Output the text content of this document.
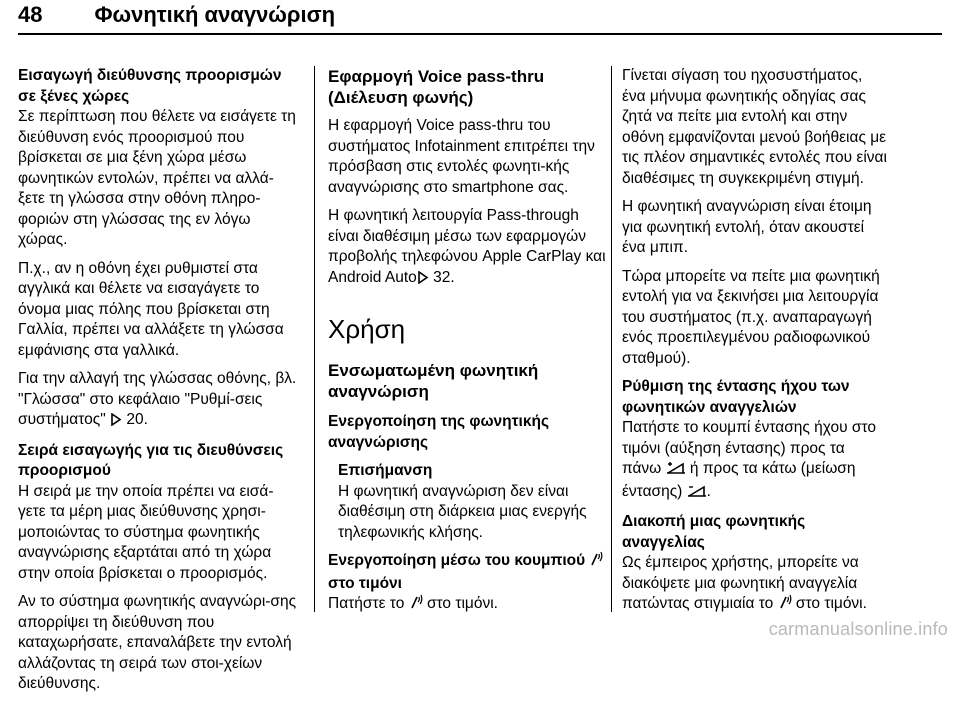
48 Φωνητική αναγνώριση

Εισαγωγή διεύθυνσης προορισμών σε ξένες χώρες

Σε περίπτωση που θέλετε να εισάγετε τη διεύθυνση ενός προορισμού που βρίσκεται σε μια ξένη χώρα μέσω φωνητικών εντολών, πρέπει να αλλά-ξετε τη γλώσσα στην οθόνη πληρο-φοριών στη γλώσσας της εν λόγω χώρας.

Π.χ., αν η οθόνη έχει ρυθμιστεί στα αγγλικά και θέλετε να εισαγάγετε το όνομα μιας πόλης που βρίσκεται στη Γαλλία, πρέπει να αλλάξετε τη γλώσσα εμφάνισης στα γαλλικά.

Για την αλλαγή της γλώσσας οθόνης, βλ. "Γλώσσα" στο κεφάλαιο "Ρυθμί-σεις συστήματος" 20.

Σειρά εισαγωγής για τις διευθύνσεις προορισμού

Η σειρά με την οποία πρέπει να εισά-γετε τα μέρη μιας διεύθυνσης χρησι-μοποιώντας το σύστημα φωνητικής αναγνώρισης εξαρτάται από τη χώρα στην οποία βρίσκεται ο προορισμός.

Αν το σύστημα φωνητικής αναγνώρι-σης απορρίψει τη διεύθυνση που καταχωρήσατε, επαναλάβετε την εντολή αλλάζοντας τη σειρά των στοι-χείων διεύθυνσης.

Εφαρμογή Voice pass-thru (Διέλευση φωνής)

Η εφαρμογή Voice pass-thru του συστήματος Infotainment επιτρέπει την πρόσβαση στις εντολές φωνητι-κής αναγνώρισης στο smartphone σας.

Η φωνητική λειτουργία Pass-through είναι διαθέσιμη μέσω των εφαρμογών προβολής τηλεφώνου Apple CarPlay και Android Auto 32.

Χρήση
Ενσωματωμένη φωνητική αναγνώριση

Ενεργοποίηση της φωνητικής αναγνώρισης

Επισήμανση
Η φωνητική αναγνώριση δεν είναι διαθέσιμη στη διάρκεια μιας ενεργής τηλεφωνικής κλήσης.

Ενεργοποίηση μέσω του κουμπιού
στο τιμόνι

Πατήστε το στο τιμόνι.

Γίνεται σίγαση του ηχοσυστήματος, ένα μήνυμα φωνητικής οδηγίας σας ζητά να πείτε μια εντολή και στην οθόνη εμφανίζονται μενού βοήθειας με τις πλέον σημαντικές εντολές που είναι διαθέσιμες τη συγκεκριμένη στιγμή.

Η φωνητική αναγνώριση είναι έτοιμη για φωνητική εντολή, όταν ακουστεί ένα μπιπ.

Τώρα μπορείτε να πείτε μια φωνητική εντολή για να ξεκινήσει μια λειτουργία του συστήματος (π.χ. αναπαραγωγή ενός προεπιλεγμένου ραδιοφωνικού σταθμού).

Ρύθμιση της έντασης ήχου των φωνητικών αναγγελιών

Πατήστε το κουμπί έντασης ήχου στο τιμόνι (αύξηση έντασης) προς τα πάνω ή προς τα κάτω (μείωση έντασης) .

Διακοπή μιας φωνητικής αναγγελίας

Ως έμπειρος χρήστης, μπορείτε να διακόψετε μια φωνητική αναγγελία πατώντας στιγμιαία το στο τιμόνι.

carmanualsonline.info
